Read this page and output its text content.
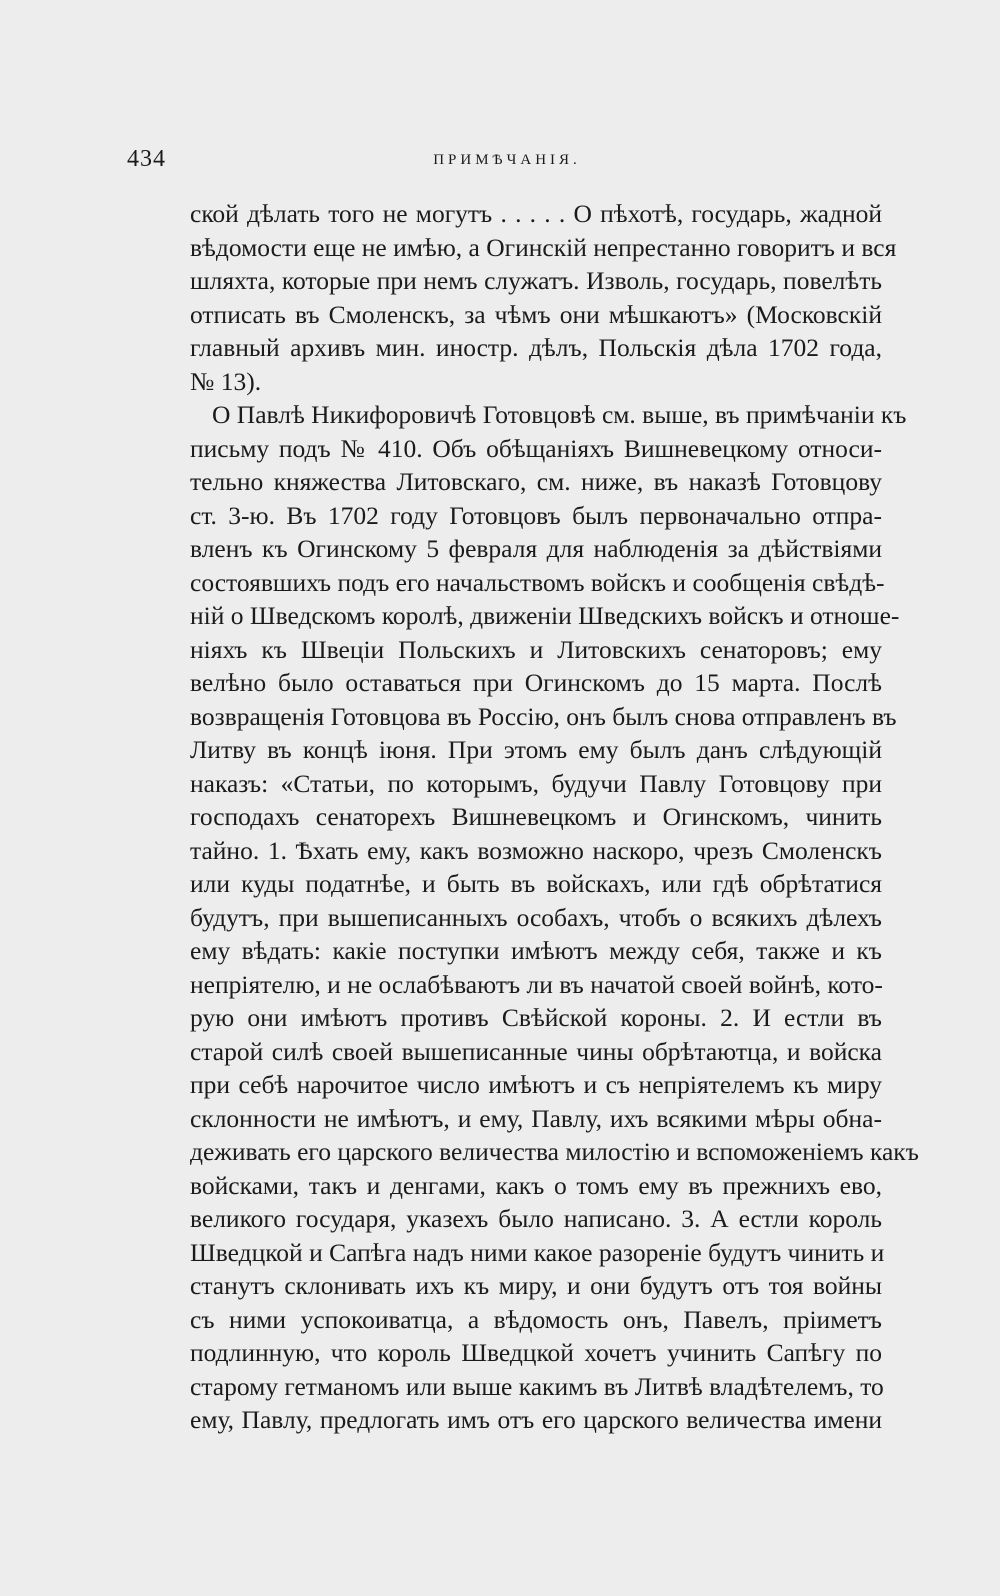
434	ПРИМѢЧАНІЯ.
ской дѣлать того не могутъ . . . . . О пѣхотѣ, государь, жадной
вѣдомости еще не имѣю, а Огинскій непрестанно говоритъ и вся
шляхта, которые при немъ служатъ. Изволь, государь, повелѣть
отписать въ Смоленскъ, за чѣмъ они мѣшкаютъ» (Московскій
главный архивъ мин. иностр. дѣлъ, Польскія дѣла 1702 года,
№ 13).
О Павлѣ Никифоровичѣ Готовцовѣ см. выше, въ примѣчаніи къ
письму подъ № 410. Объ обѣщаніяхъ Вишневецкому относи-
тельно княжества Литовскаго, см. ниже, въ наказѣ Готовцову
ст. 3-ю. Въ 1702 году Готовцовъ былъ первоначально отпра-
вленъ къ Огинскому 5 февраля для наблюденія за дѣйствіями
состоявшихъ подъ его начальствомъ войскъ и сообщенія свѣдѣ-
ній о Шведскомъ королѣ, движеніи Шведскихъ войскъ и отноше-
ніяхъ къ Швеціи Польскихъ и Литовскихъ сенаторовъ; ему
велѣно было оставаться при Огинскомъ до 15 марта. Послѣ
возвращенія Готовцова въ Россію, онъ былъ снова отправленъ въ
Литву въ концѣ іюня. При этомъ ему былъ данъ слѣдующій
наказъ: «Статьи, по которымъ, будучи Павлу Готовцову при
господахъ сенаторехъ Вишневецкомъ и Огинскомъ, чинить
тайно. 1. Ѣхать ему, какъ возможно наскоро, чрезъ Смоленскъ
или куды податнѣе, и быть въ войскахъ, или гдѣ обрѣтатися
будутъ, при вышеписанныхъ особахъ, чтобъ о всякихъ дѣлехъ
ему вѣдать: какіе поступки имѣютъ между себя, также и къ
непріятелю, и не ослабѣваютъ ли въ начатой своей войнѣ, кото-
рую они имѣютъ противъ Свѣйской короны. 2. И естли въ
старой силѣ своей вышеписанные чины обрѣтаютца, и войска
при себѣ нарочитое число имѣютъ и съ непріятелемъ къ миру
склонности не имѣютъ, и ему, Павлу, ихъ всякими мѣры обна-
деживать его царского величества милостію и вспоможеніемъ какъ
войсками, такъ и денгами, какъ о томъ ему въ прежнихъ ево,
великого государя, указехъ было написано. 3. А естли король
Шведцкой и Сапѣга надъ ними какое разореніе будутъ чинить и
станутъ склонивать ихъ къ миру, и они будутъ отъ тоя войны
съ ними успокоиватца, а вѣдомость онъ, Павелъ, пріиметъ
подлинную, что король Шведцкой хочетъ учинить Сапѣгу по
старому гетманомъ или выше какимъ въ Литвѣ владѣтелемъ, то
ему, Павлу, предлогать имъ отъ его царского величества имени
